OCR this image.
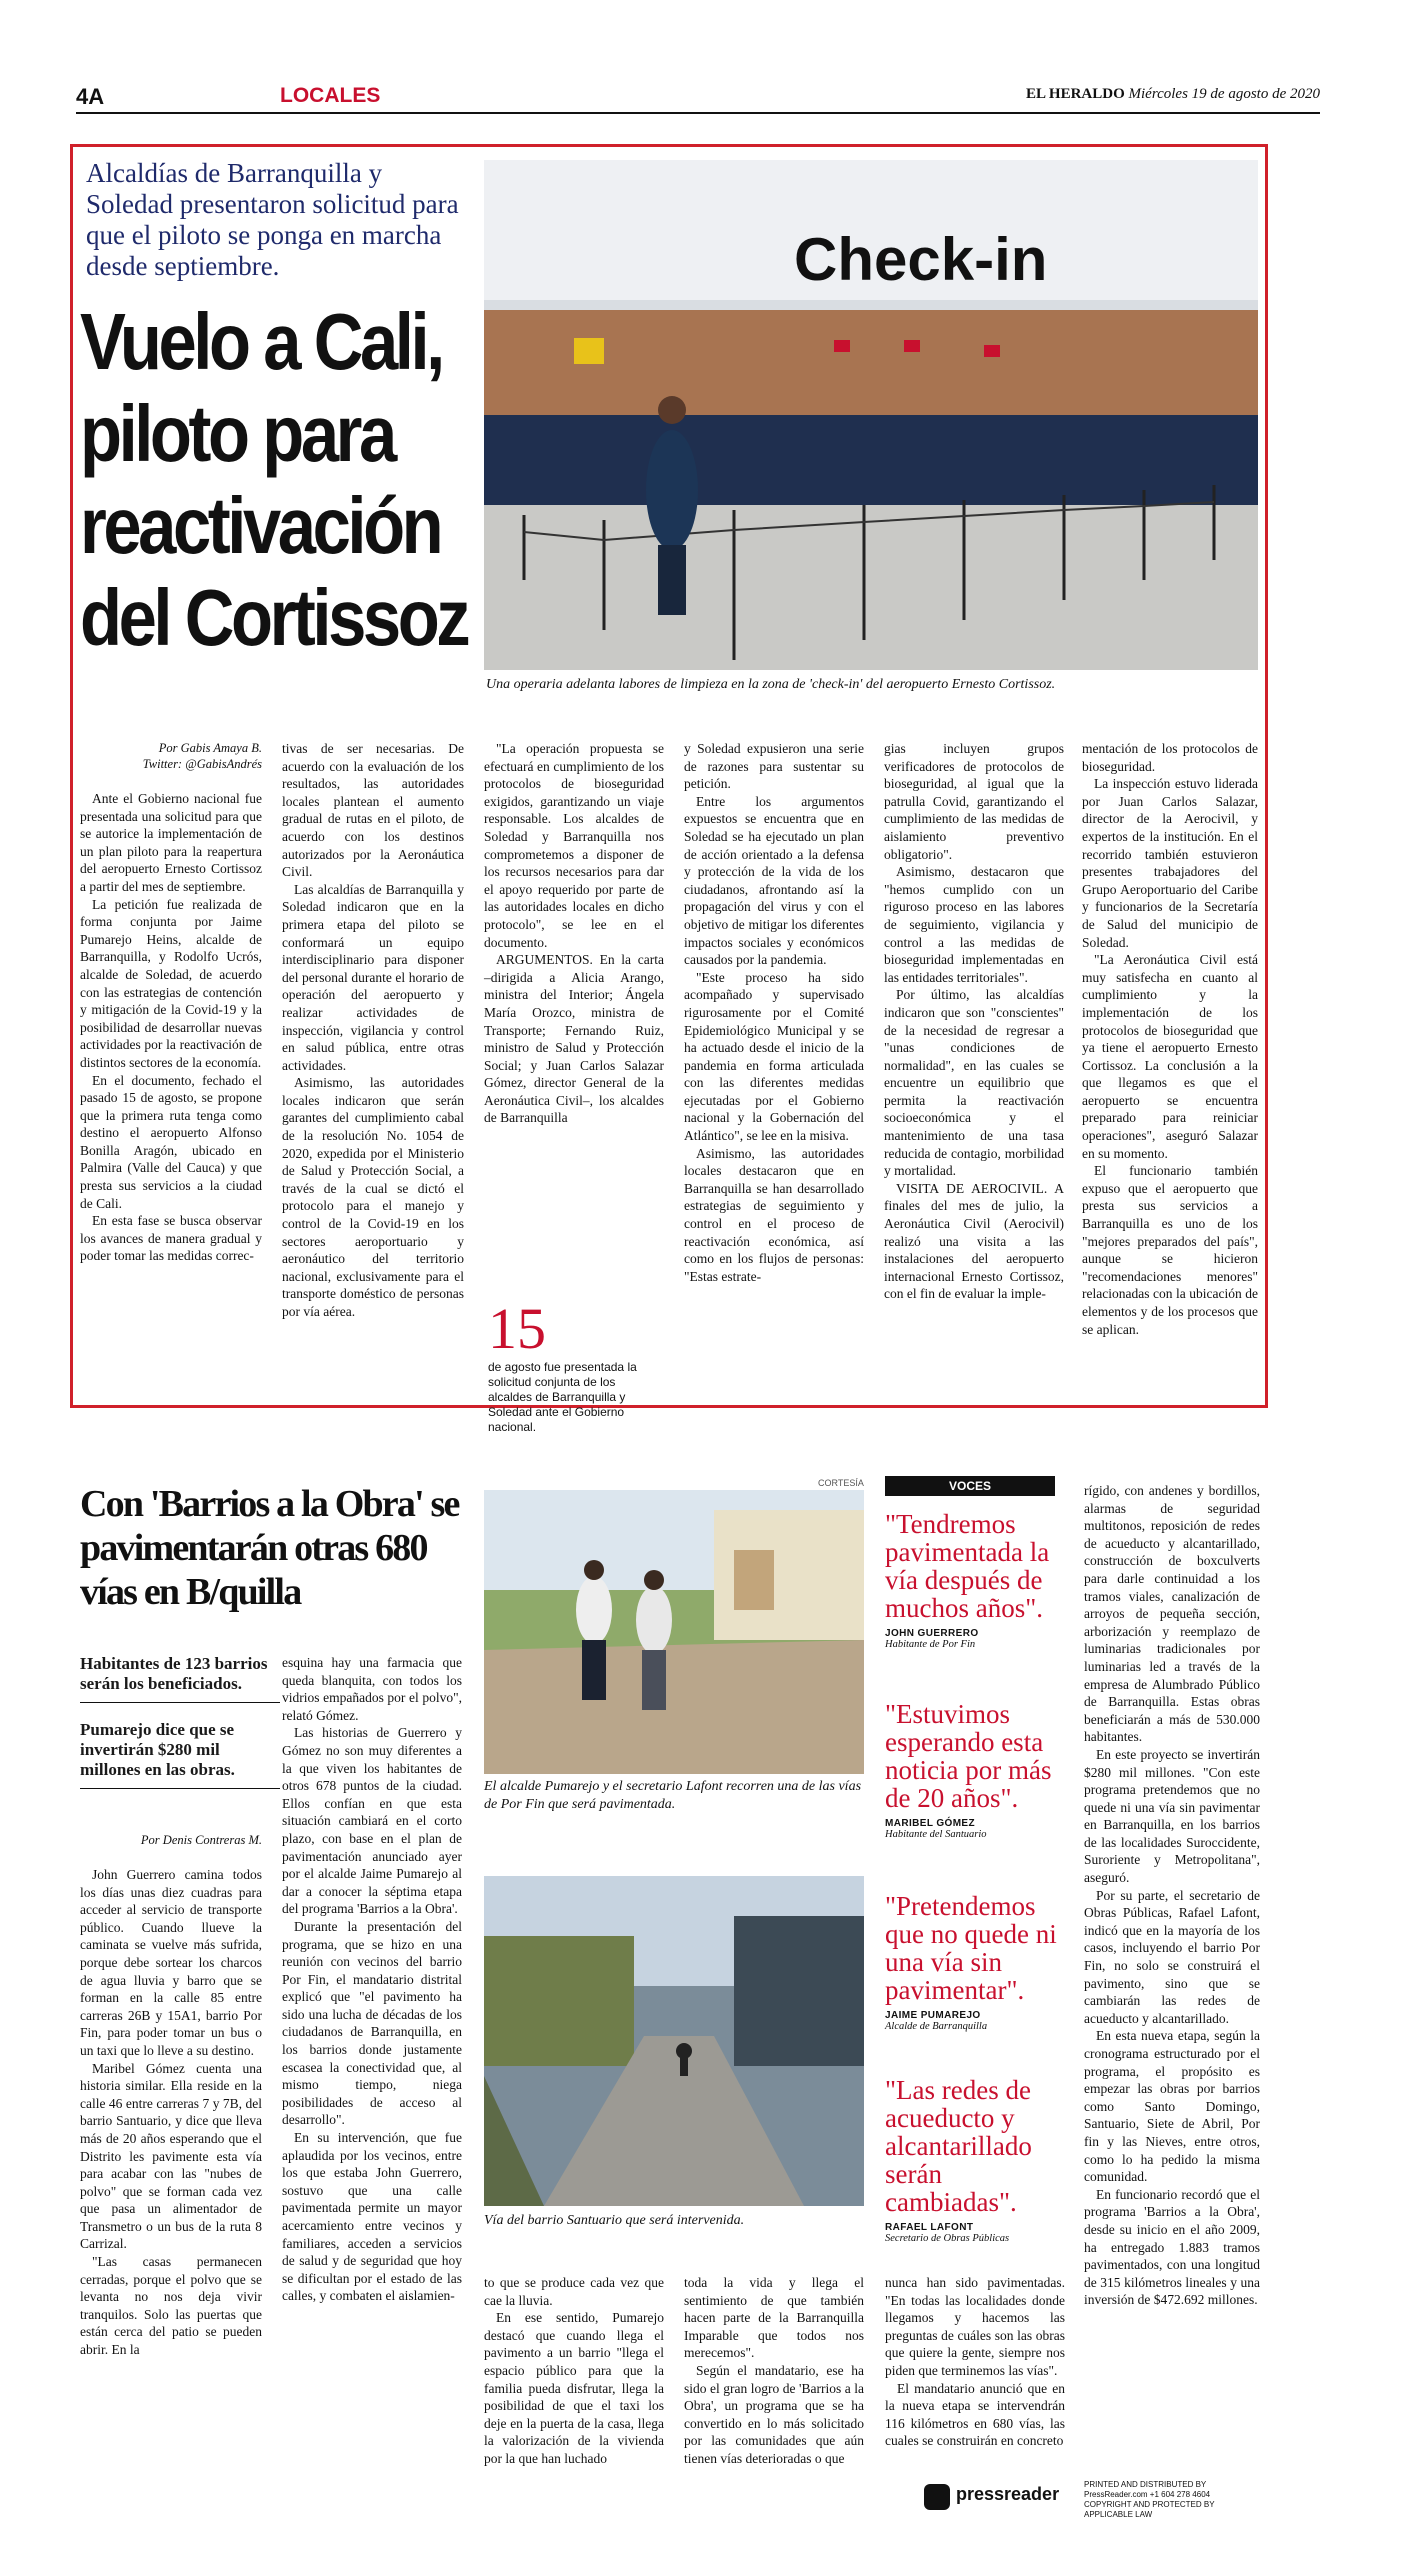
4A	LOCALES	EL HERALDO Miércoles 19 de agosto de 2020
Alcaldías de Barranquilla y Soledad presentaron solicitud para que el piloto se ponga en marcha desde septiembre.
Vuelo a Cali,
piloto para
reactivación
del Cortissoz
Check-in
Una operaria adelanta labores de limpieza en la zona de 'check-in' del aeropuerto Ernesto Cortissoz.
Por Gabis Amaya B.
Twitter: @GabisAndrés

Ante el Gobierno nacional fue presentada una solicitud para que se autorice la implementación de un plan piloto para la reapertura del aeropuerto Ernesto Cortissoz a partir del mes de septiembre.

La petición fue realizada de forma conjunta por Jaime Pumarejo Heins, alcalde de Barranquilla, y Rodolfo Ucrós, alcalde de Soledad, de acuerdo con las estrategias de contención y mitigación de la Covid-19 y la posibilidad de desarrollar nuevas actividades por la reactivación de distintos sectores de la economía.

En el documento, fechado el pasado 15 de agosto, se propone que la primera ruta tenga como destino el aeropuerto Alfonso Bonilla Aragón, ubicado en Palmira (Valle del Cauca) y que presta sus servicios a la ciudad de Cali.

En esta fase se busca observar los avances de manera gradual y poder tomar las medidas correc-

tivas de ser necesarias. De acuerdo con la evaluación de los resultados, las autoridades locales plantean el aumento gradual de rutas en el piloto, de acuerdo con los destinos autorizados por la Aeronáutica Civil.

Las alcaldías de Barranquilla y Soledad indicaron que en la primera etapa del piloto se conformará un equipo interdisciplinario para disponer del personal durante el horario de operación del aeropuerto y realizar actividades de inspección, vigilancia y control en salud pública, entre otras actividades.

Asimismo, las autoridades locales indicaron que serán garantes del cumplimiento cabal de la resolución No. 1054 de 2020, expedida por el Ministerio de Salud y Protección Social, a través de la cual se dictó el protocolo para el manejo y control de la Covid-19 en los sectores aeroportuario y aeronáutico del territorio nacional, exclusivamente para el transporte doméstico de personas por vía aérea.

"La operación propuesta se efectuará en cumplimiento de los protocolos de bioseguridad exigidos, garantizando un viaje responsable. Los alcaldes de Soledad y Barranquilla nos comprometemos a disponer de los recursos necesarios para dar el apoyo requerido por parte de las autoridades locales en dicho protocolo", se lee en el documento.

ARGUMENTOS. En la carta –dirigida a Alicia Arango, ministra del Interior; Ángela María Orozco, ministra de Transporte; Fernando Ruiz, ministro de Salud y Protección Social; y Juan Carlos Salazar Gómez, director General de la Aeronáutica Civil–, los alcaldes de Barranquilla

15
de agosto fue presentada la solicitud conjunta de los alcaldes de Barranquilla y Soledad ante el Gobierno nacional.

y Soledad expusieron una serie de razones para sustentar su petición.

Entre los argumentos expuestos se encuentra que en Soledad se ha ejecutado un plan de acción orientado a la defensa y protección de la vida de los ciudadanos, afrontando así la propagación del virus y con el objetivo de mitigar los diferentes impactos sociales y económicos causados por la pandemia.

"Este proceso ha sido acompañado y supervisado rigurosamente por el Comité Epidemiológico Municipal y se ha actuado desde el inicio de la pandemia en forma articulada con las diferentes medidas ejecutadas por el Gobierno nacional y la Gobernación del Atlántico", se lee en la misiva.

Asimismo, las autoridades locales destacaron que en Barranquilla se han desarrollado estrategias de seguimiento y control en el proceso de reactivación económica, así como en los flujos de personas: "Estas estrate-

gias incluyen grupos verificadores de protocolos de bioseguridad, al igual que la patrulla Covid, garantizando el cumplimiento de las medidas de aislamiento preventivo obligatorio".

Asimismo, destacaron que "hemos cumplido con un riguroso proceso en las labores de seguimiento, vigilancia y control a las medidas de bioseguridad implementadas en las entidades territoriales".

Por último, las alcaldías indicaron que son "conscientes" de la necesidad de regresar a "unas condiciones de normalidad", en las cuales se encuentre un equilibrio que permita la reactivación socioeconómica y el mantenimiento de una tasa reducida de contagio, morbilidad y mortalidad.

VISITA DE AEROCIVIL. A finales del mes de julio, la Aeronáutica Civil (Aerocivil) realizó una visita a las instalaciones del aeropuerto internacional Ernesto Cortissoz, con el fin de evaluar la imple-

mentación de los protocolos de bioseguridad.

La inspección estuvo liderada por Juan Carlos Salazar, director de la Aerocivil, y expertos de la institución. En el recorrido también estuvieron presentes trabajadores del Grupo Aeroportuario del Caribe y funcionarios de la Secretaría de Salud del municipio de Soledad.

"La Aeronáutica Civil está muy satisfecha en cuanto al cumplimiento y la implementación de los protocolos de bioseguridad que ya tiene el aeropuerto Ernesto Cortissoz. La conclusión a la que llegamos es que el aeropuerto se encuentra preparado para reiniciar operaciones", aseguró Salazar en su momento.

El funcionario también expuso que el aeropuerto que presta sus servicios a Barranquilla es uno de los "mejores preparados del país", aunque se hicieron "recomendaciones menores" relacionadas con la ubicación de elementos y de los procesos que se aplican.

Con 'Barrios a la Obra' se pavimentarán otras 680 vías en B/quilla
Habitantes de 123 barrios serán los beneficiados.
Pumarejo dice que se invertirán $280 mil millones en las obras.
Por Denis Contreras M.

John Guerrero camina todos los días unas diez cuadras para acceder al servicio de transporte público. Cuando llueve la caminata se vuelve más sufrida, porque debe sortear los charcos de agua lluvia y barro que se forman en la calle 85 entre carreras 26B y 15A1, barrio Por Fin, para poder tomar un bus o un taxi que lo lleve a su destino.

Maribel Gómez cuenta una historia similar. Ella reside en la calle 46 entre carreras 7 y 7B, del barrio Santuario, y dice que lleva más de 20 años esperando que el Distrito les pavimente esta vía para acabar con las "nubes de polvo" que se forman cada vez que pasa un alimentador de Transmetro o un bus de la ruta 8 Carrizal.

"Las casas permanecen cerradas, porque el polvo que se levanta no nos deja vivir tranquilos. Solo las puertas que están cerca del patio se pueden abrir. En la

esquina hay una farmacia que queda blanquita, con todos los vidrios empañados por el polvo", relató Gómez.

Las historias de Guerrero y Gómez no son muy diferentes a la que viven los habitantes de otros 678 puntos de la ciudad. Ellos confían en que esta situación cambiará en el corto plazo, con base en el plan de pavimentación anunciado ayer por el alcalde Jaime Pumarejo al dar a conocer la séptima etapa del programa 'Barrios a la Obra'.

Durante la presentación del programa, que se hizo en una reunión con vecinos del barrio Por Fin, el mandatario distrital explicó que "el pavimento ha sido una lucha de décadas de los ciudadanos de Barranquilla, en los barrios donde justamente escasea la conectividad que, al mismo tiempo, niega posibilidades de acceso al desarrollo".

En su intervención, que fue aplaudida por los vecinos, entre los que estaba John Guerrero, sostuvo que una calle pavimentada permite un mayor acercamiento entre vecinos y familiares, acceden a servicios de salud y de seguridad que hoy se dificultan por el estado de las calles, y combaten el aislamien-

CORTESÍA
El alcalde Pumarejo y el secretario Lafont recorren una de las vías de Por Fin que será pavimentada.
Vía del barrio Santuario que será intervenida.

to que se produce cada vez que cae la lluvia.

En ese sentido, Pumarejo destacó que cuando llega el pavimento a un barrio "llega el espacio público para que la familia pueda disfrutar, llega la posibilidad de que el taxi los deje en la puerta de la casa, llega la valorización de la vivienda por la que han luchado

toda la vida y llega el sentimiento de que también hacen parte de la Barranquilla Imparable que todos nos merecemos".

Según el mandatario, ese ha sido el gran logro de 'Barrios a la Obra', un programa que se ha convertido en lo más solicitado por las comunidades que aún tienen vías deterioradas o que

VOCES
"Tendremos pavimentada la vía después de muchos años".
JOHN GUERRERO
Habitante de Por Fin
"Estuvimos esperando esta noticia por más de 20 años".
MARIBEL GÓMEZ
Habitante del Santuario
"Pretendemos que no quede ni una vía sin pavimentar".
JAIME PUMAREJO
Alcalde de Barranquilla
"Las redes de acueducto y alcantarillado serán cambiadas".
RAFAEL LAFONT
Secretario de Obras Públicas

nunca han sido pavimentadas. "En todas las localidades donde llegamos y hacemos las preguntas de cuáles son las obras que quiere la gente, siempre nos piden que terminemos las vías".

El mandatario anunció que en la nueva etapa se intervendrán 116 kilómetros en 680 vías, las cuales se construirán en concreto

rígido, con andenes y bordillos, alarmas de seguridad multitonos, reposición de redes de acueducto y alcantarillado, construcción de boxculverts para darle continuidad a los tramos viales, canalización de arroyos de pequeña sección, arborización y reemplazo de luminarias tradicionales por luminarias led a través de la empresa de Alumbrado Público de Barranquilla. Estas obras beneficiarán a más de 530.000 habitantes.

En este proyecto se invertirán $280 mil millones. "Con este programa pretendemos que no quede ni una vía sin pavimentar en Barranquilla, en los barrios de las localidades Suroccidente, Suroriente y Metropolitana", aseguró.

Por su parte, el secretario de Obras Públicas, Rafael Lafont, indicó que en la mayoría de los casos, incluyendo el barrio Por Fin, no solo se construirá el pavimento, sino que se cambiarán las redes de acueducto y alcantarillado.

En esta nueva etapa, según la cronograma estructurado por el programa, el propósito es empezar las obras por barrios como Santo Domingo, Santuario, Siete de Abril, Por fin y las Nieves, entre otros, como lo ha pedido la misma comunidad.

En funcionario recordó que el programa 'Barrios a la Obra', desde su inicio en el año 2009, ha entregado 1.883 tramos pavimentados, con una longitud de 315 kilómetros lineales y una inversión de $472.692 millones.

pressreader	PRINTED AND DISTRIBUTED BY
PressReader.com +1 604 278 4604
COPYRIGHT AND PROTECTED BY APPLICABLE LAW
